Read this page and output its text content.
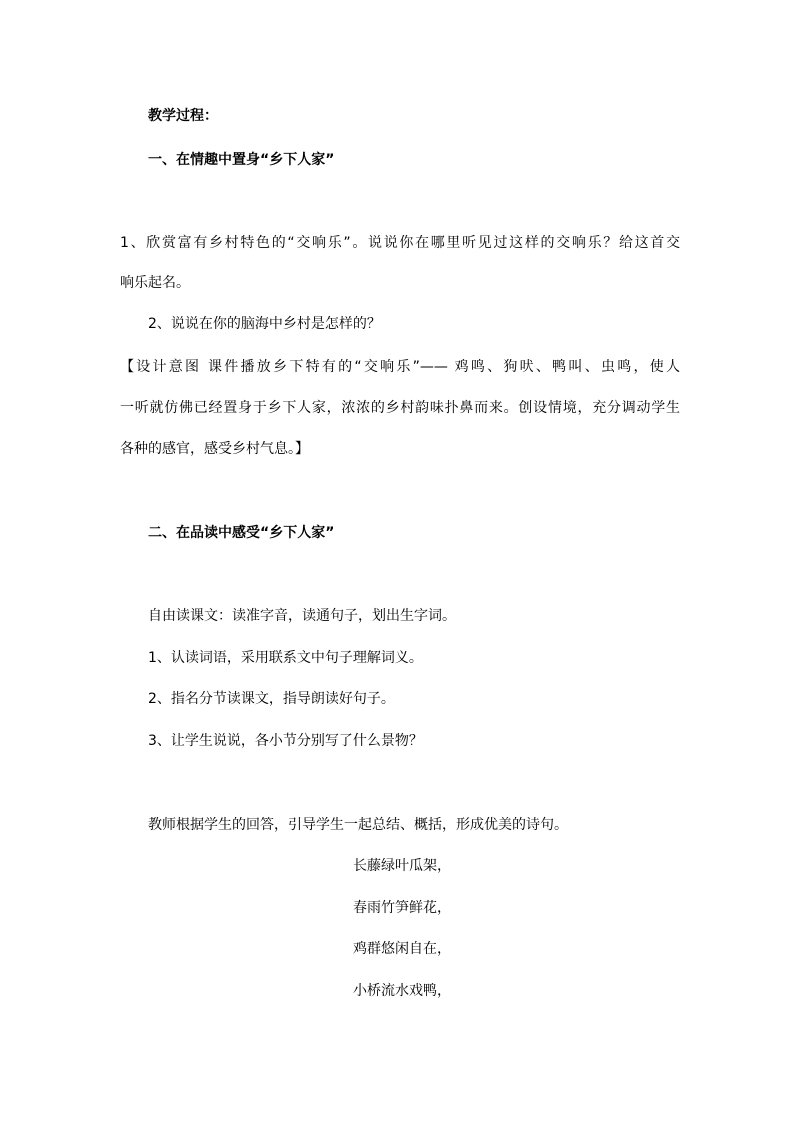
教学过程：
一、在情趣中置身“乡下人家”
1、欣赏富有乡村特色的“交响乐”。说说你在哪里听见过这样的交响乐？给这首交
响乐起名。
2、说说在你的脑海中乡村是怎样的？
【设计意图 课件播放乡下特有的“交响乐”—— 鸡鸣、狗吠、鸭叫、虫鸣，使人
一听就仿佛已经置身于乡下人家，浓浓的乡村韵味扑鼻而来。创设情境，充分调动学生
各种的感官，感受乡村气息。】
二、在品读中感受“乡下人家”
自由读课文：读准字音，读通句子，划出生字词。
1、认读词语，采用联系文中句子理解词义。
2、指名分节读课文，指导朗读好句子。
3、让学生说说，各小节分别写了什么景物？
教师根据学生的回答，引导学生一起总结、概括，形成优美的诗句。
长藤绿叶瓜架，
春雨竹笋鲜花，
鸡群悠闲自在，
小桥流水戏鸭，
